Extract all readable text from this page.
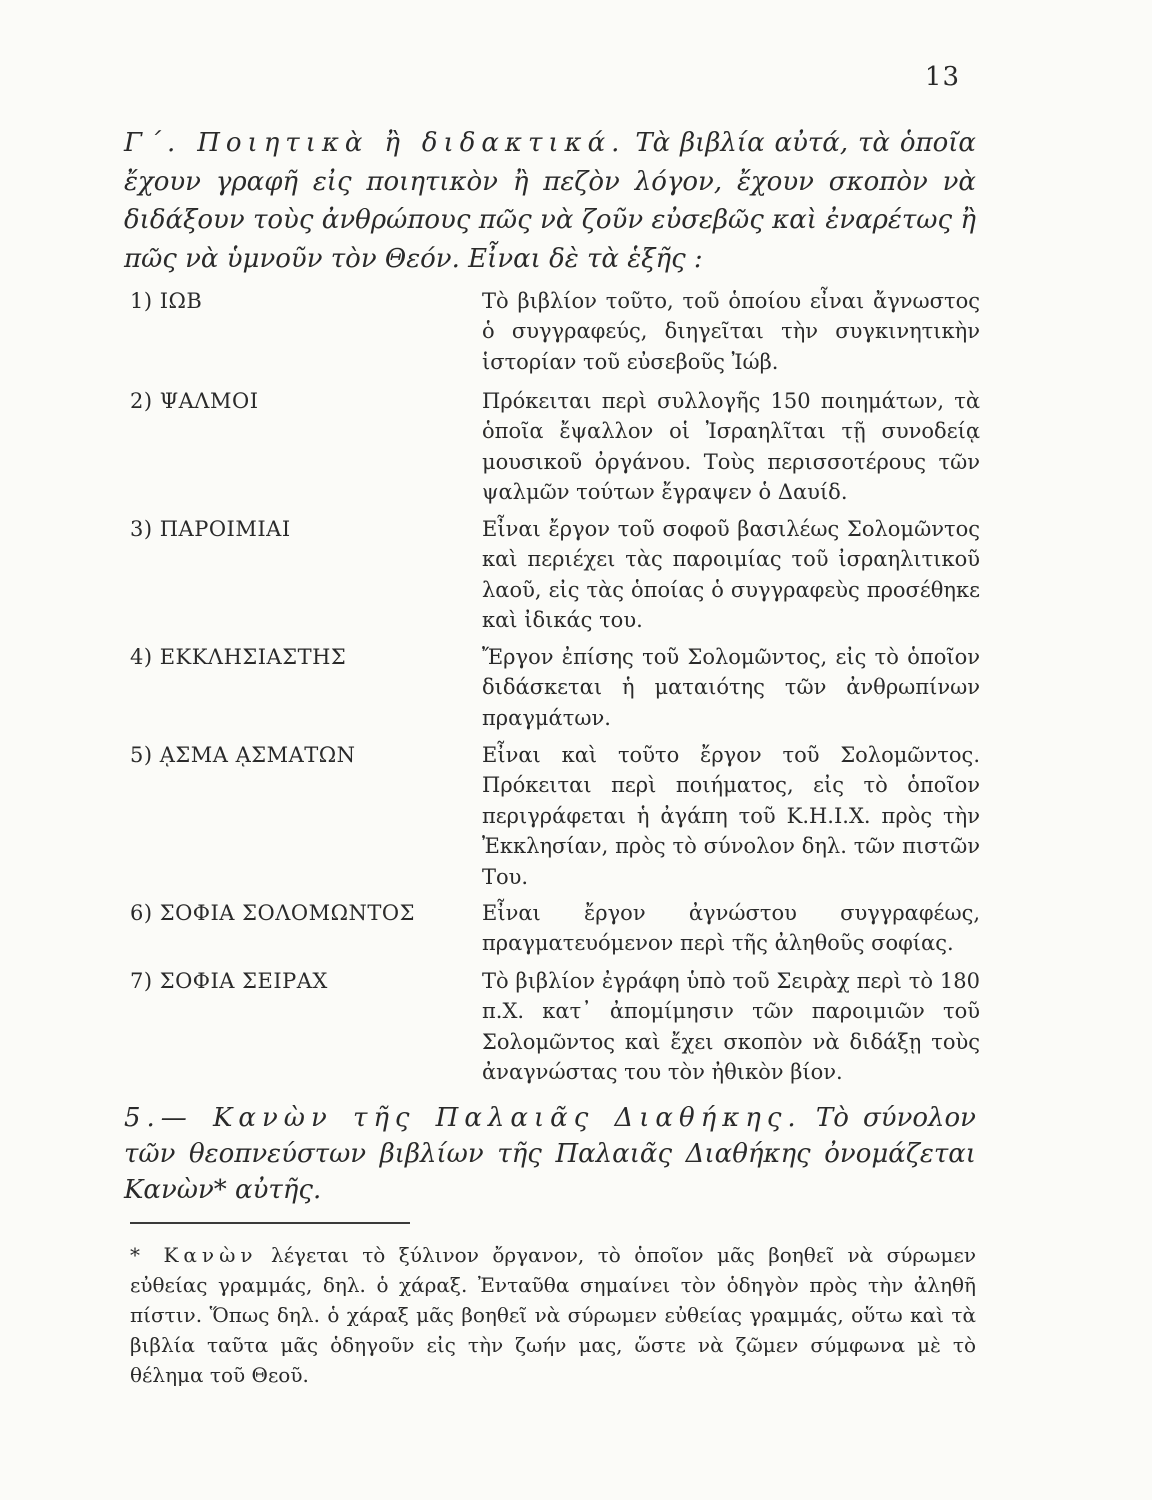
13

Γ΄. Ποιητικὰ ἢ διδακτικά. Τὰ βιβλία αὐτά, τὰ ὁποῖα ἔχουν γραφῆ εἰς ποιητικὸν ἢ πεζὸν λόγον, ἔχουν σκοπὸν νὰ διδάξουν τοὺς ἀνθρώπους πῶς νὰ ζοῦν εὐσεβῶς καὶ ἐναρέτως ἢ πῶς νὰ ὑμνοῦν τὸν Θεόν. Εἶναι δὲ τὰ ἑξῆς :

1) ΙΩΒ	Τὸ βιβλίον τοῦτο, τοῦ ὁποίου εἶναι ἄγνωστος ὁ συγγραφεύς, διηγεῖται τὴν συγκινητικὴν ἱστορίαν τοῦ εὐσεβοῦς Ἰώβ.
2) ΨΑΛΜΟΙ	Πρόκειται περὶ συλλογῆς 150 ποιημάτων, τὰ ὁποῖα ἔψαλλον οἱ Ἰσραηλῖται τῇ συνοδείᾳ μουσικοῦ ὀργάνου. Τοὺς περισσοτέρους τῶν ψαλμῶν τούτων ἔγραψεν ὁ Δαυίδ.
3) ΠΑΡΟΙΜΙΑΙ	Εἶναι ἔργον τοῦ σοφοῦ βασιλέως Σολομῶντος καὶ περιέχει τὰς παροιμίας τοῦ ἰσραηλιτικοῦ λαοῦ, εἰς τὰς ὁποίας ὁ συγγραφεὺς προσέθηκε καὶ ἰδικάς του.
4) ΕΚΚΛΗΣΙΑΣΤΗΣ	Ἔργον ἐπίσης τοῦ Σολομῶντος, εἰς τὸ ὁποῖον διδάσκεται ἡ ματαιότης τῶν ἀνθρωπίνων πραγμάτων.
5) ᾼΣΜΑ ᾼΣΜΑΤΩΝ	Εἶναι καὶ τοῦτο ἔργον τοῦ Σολομῶντος. Πρόκειται περὶ ποιήματος, εἰς τὸ ὁποῖον περιγράφεται ἡ ἀγάπη τοῦ Κ.Η.Ι.Χ. πρὸς τὴν Ἐκκλησίαν, πρὸς τὸ σύνολον δηλ. τῶν πιστῶν Του.
6) ΣΟΦΙΑ ΣΟΛΟΜΩΝΤΟΣ	Εἶναι ἔργον ἀγνώστου συγγραφέως, πραγματευόμενον περὶ τῆς ἀληθοῦς σοφίας.
7) ΣΟΦΙΑ ΣΕΙΡΑΧ	Τὸ βιβλίον ἐγράφη ὑπὸ τοῦ Σειρὰχ περὶ τὸ 180 π.Χ. κατ᾿ ἀπομίμησιν τῶν παροιμιῶν τοῦ Σολομῶντος καὶ ἔχει σκοπὸν νὰ διδάξῃ τοὺς ἀναγνώστας του τὸν ἠθικὸν βίον.

5.— Κανὼν τῆς Παλαιᾶς Διαθήκης. Τὸ σύνολον τῶν θεοπνεύστων βιβλίων τῆς Παλαιᾶς Διαθήκης ὀνομάζεται Κανὼν* αὐτῆς.

* Κανὼν λέγεται τὸ ξύλινον ὄργανον, τὸ ὁποῖον μᾶς βοηθεῖ νὰ σύρωμεν εὐθείας γραμμάς, δηλ. ὁ χάραξ. Ἐνταῦθα σημαίνει τὸν ὁδηγὸν πρὸς τὴν ἀληθῆ πίστιν. Ὅπως δηλ. ὁ χάραξ μᾶς βοηθεῖ νὰ σύρωμεν εὐθείας γραμμάς, οὕτω καὶ τὰ βιβλία ταῦτα μᾶς ὁδηγοῦν εἰς τὴν ζωήν μας, ὥστε νὰ ζῶμεν σύμφωνα μὲ τὸ θέλημα τοῦ Θεοῦ.
